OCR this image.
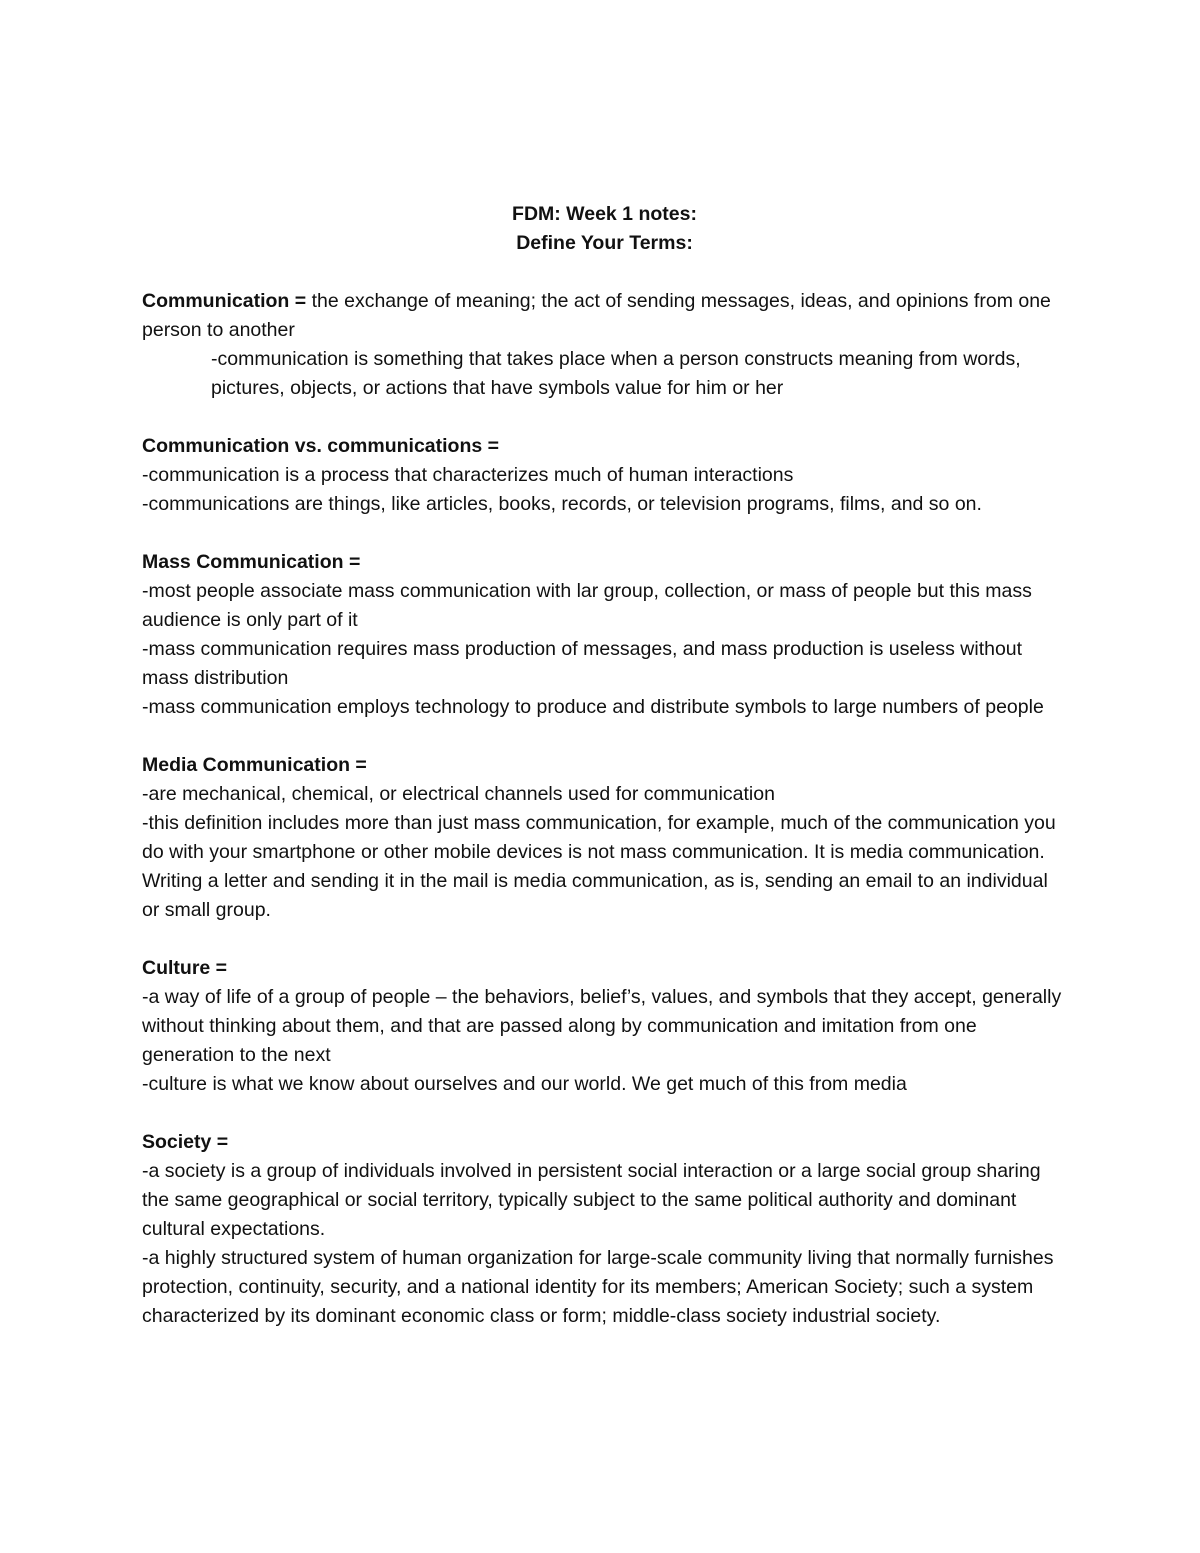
FDM: Week 1 notes:
Define Your Terms:

Communication = the exchange of meaning; the act of sending messages, ideas, and opinions from one person to another

-communication is something that takes place when a person constructs meaning from words, pictures, objects, or actions that have symbols value for him or her

Communication vs. communications =

-communication is a process that characterizes much of human interactions

-communications are things, like articles, books, records, or television programs, films, and so on.

Mass Communication =

-most people associate mass communication with lar group, collection, or mass of people but this mass audience is only part of it

-mass communication requires mass production of messages, and mass production is useless without mass distribution

-mass communication employs technology to produce and distribute symbols to large numbers of people

Media Communication =

-are mechanical, chemical, or electrical channels used for communication

-this definition includes more than just mass communication, for example, much of the communication you do with your smartphone or other mobile devices is not mass communication. It is media communication. Writing a letter and sending it in the mail is media communication, as is, sending an email to an individual or small group.

Culture =

-a way of life of a group of people – the behaviors, belief’s, values, and symbols that they accept, generally without thinking about them, and that are passed along by communication and imitation from one generation to the next

-culture is what we know about ourselves and our world. We get much of this from media

Society =

-a society is a group of individuals involved in persistent social interaction or a large social group sharing the same geographical or social territory, typically subject to the same political authority and dominant cultural expectations.

-a highly structured system of human organization for large-scale community living that normally furnishes protection, continuity, security, and a national identity for its members; American Society; such a system characterized by its dominant economic class or form; middle-class society industrial society.
